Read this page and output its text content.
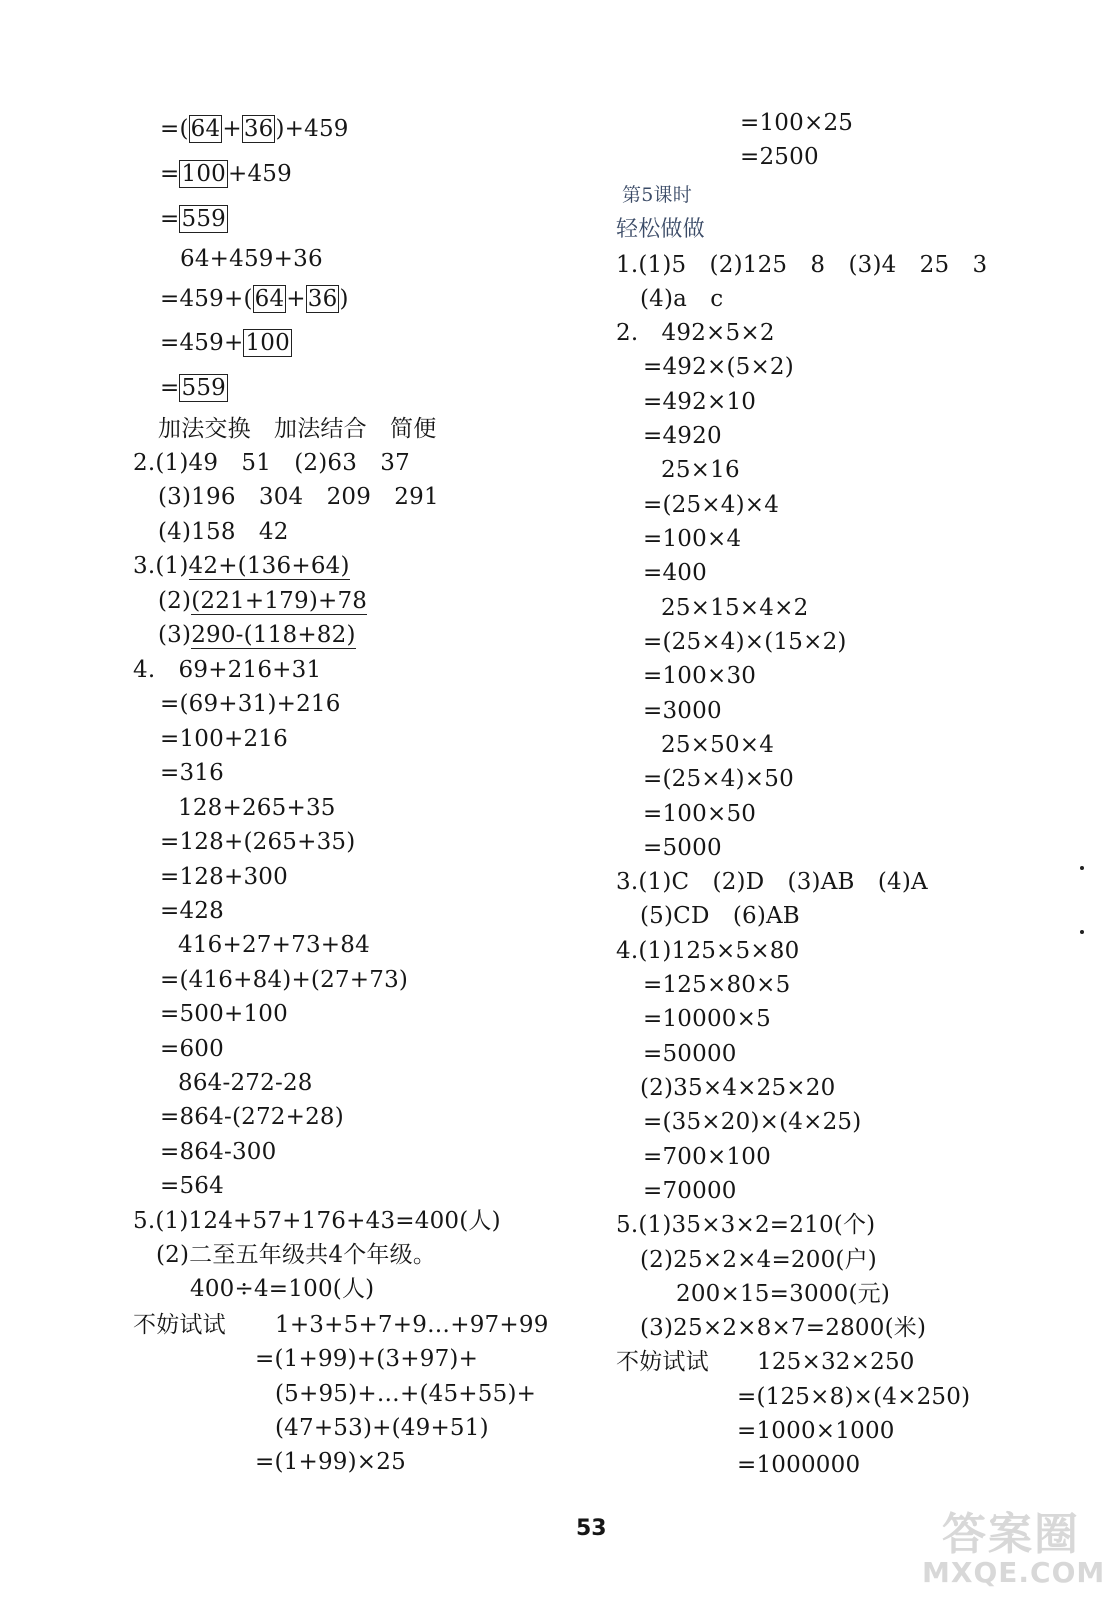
=(64+36)+459
=100+459
=559
64+459+36
=459+(64+36)
=459+100
=559
加法交换　加法结合　简便
2.(1)49　51　(2)63　37
(3)196　304　209　291
(4)158　42
3.(1)42+(136+64)
(2)(221+179)+78
(3)290-(118+82)
4.　69+216+31
=(69+31)+216
=100+216
=316
128+265+35
=128+(265+35)
=128+300
=428
416+27+73+84
=(416+84)+(27+73)
=500+100
=600
864-272-28
=864-(272+28)
=864-300
=564
5.(1)124+57+176+43=400(人)
(2)二至五年级共4个年级。
400÷4=100(人)
不妨试试 1+3+5+7+9…+97+99
=(1+99)+(3+97)+
(5+95)+…+(45+55)+
(47+53)+(49+51)
=(1+99)×25
=100×25
=2500
第5课时
轻松做做
1.(1)5　(2)125　8　(3)4　25　3
(4)a　c
2.　492×5×2
=492×(5×2)
=492×10
=4920
25×16
=(25×4)×4
=100×4
=400
25×15×4×2
=(25×4)×(15×2)
=100×30
=3000
25×50×4
=(25×4)×50
=100×50
=5000
3.(1)C　(2)D　(3)AB　(4)A
(5)CD　(6)AB
4.(1)125×5×80
=125×80×5
=10000×5
=50000
(2)35×4×25×20
=(35×20)×(4×25)
=700×100
=70000
5.(1)35×3×2=210(个)
(2)25×2×4=200(户)
200×15=3000(元)
(3)25×2×8×7=2800(米)
不妨试试 125×32×250
=(125×8)×(4×250)
=1000×1000
=1000000
53	答案圈
MXQE.COM
